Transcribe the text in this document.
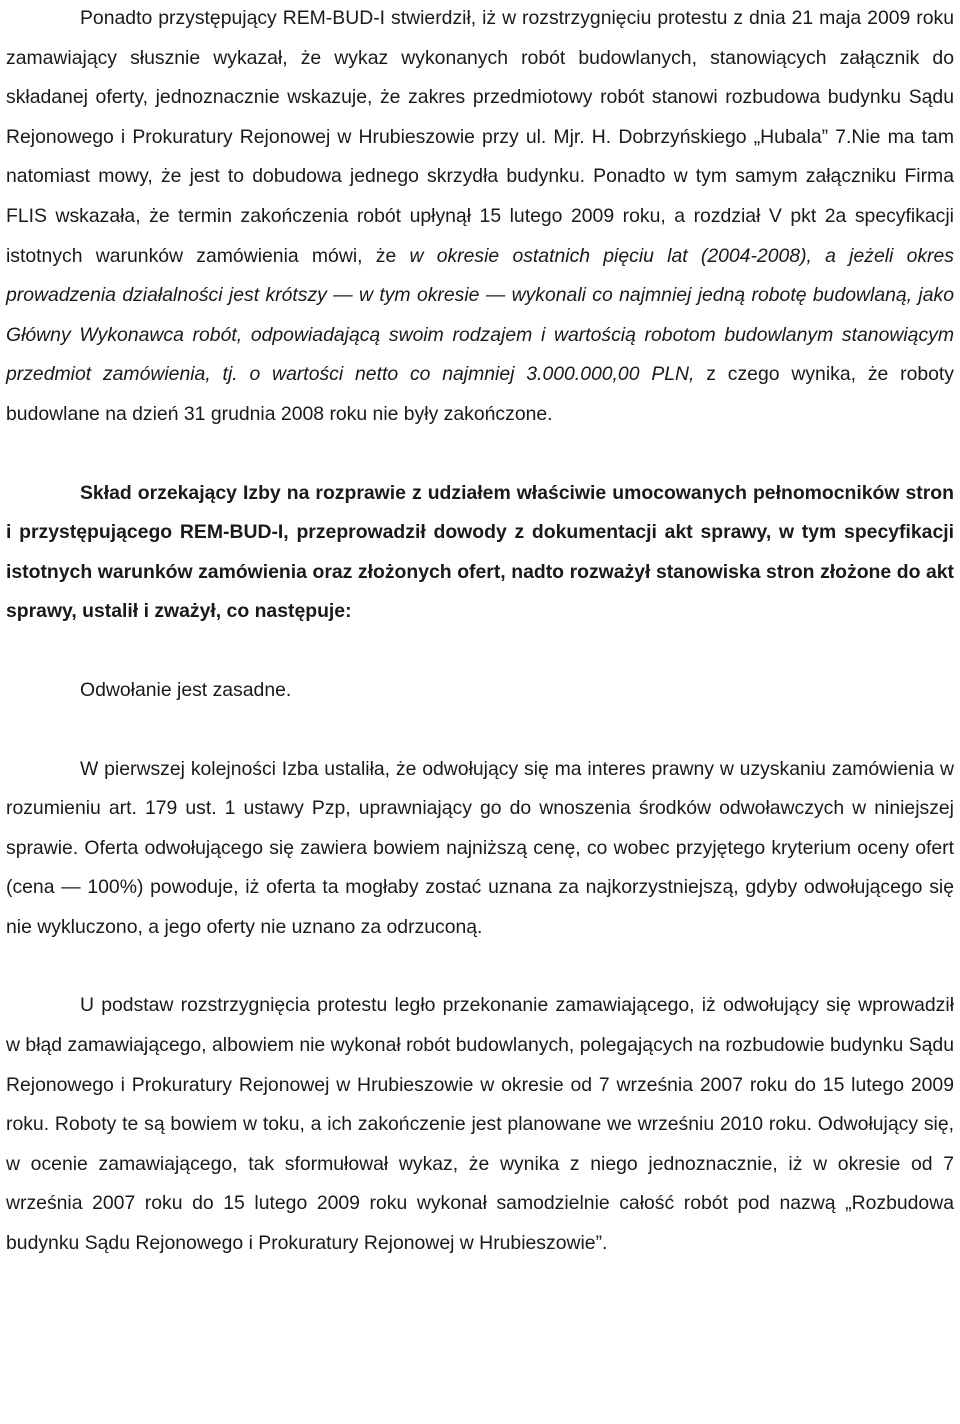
Ponadto przystępujący REM-BUD-I stwierdził, iż w rozstrzygnięciu protestu z dnia 21 maja 2009 roku zamawiający słusznie wykazał, że wykaz wykonanych robót budowlanych, stanowiących załącznik do składanej oferty, jednoznacznie wskazuje, że zakres przedmiotowy robót stanowi rozbudowa budynku Sądu Rejonowego i Prokuratury Rejonowej w Hrubieszowie przy ul. Mjr. H. Dobrzyńskiego „Hubala” 7.Nie ma tam natomiast mowy, że jest to dobudowa jednego skrzydła budynku. Ponadto w tym samym załączniku Firma FLIS wskazała, że termin zakończenia robót upłynął 15 lutego 2009 roku, a rozdział V pkt 2a specyfikacji istotnych warunków zamówienia mówi, że w okresie ostatnich pięciu lat (2004-2008), a jeżeli okres prowadzenia działalności jest krótszy — w tym okresie — wykonali co najmniej jedną robotę budowlaną, jako Główny Wykonawca robót, odpowiadającą swoim rodzajem i wartością robotom budowlanym stanowiącym przedmiot zamówienia, tj. o wartości netto co najmniej 3.000.000,00 PLN, z czego wynika, że roboty budowlane na dzień 31 grudnia 2008 roku nie były zakończone.

Skład orzekający Izby na rozprawie z udziałem właściwie umocowanych pełnomocników stron i przystępującego REM-BUD-I, przeprowadził dowody z dokumentacji akt sprawy, w tym specyfikacji istotnych warunków zamówienia oraz złożonych ofert, nadto rozważył stanowiska stron złożone do akt sprawy, ustalił i zważył, co następuje:

Odwołanie jest zasadne.

W pierwszej kolejności Izba ustaliła, że odwołujący się ma interes prawny w uzyskaniu zamówienia w rozumieniu art. 179 ust. 1 ustawy Pzp, uprawniający go do wnoszenia środków odwoławczych w niniejszej sprawie. Oferta odwołującego się zawiera bowiem najniższą cenę, co wobec przyjętego kryterium oceny ofert (cena — 100%) powoduje, iż oferta ta mogłaby zostać uznana za najkorzystniejszą, gdyby odwołującego się nie wykluczono, a jego oferty nie uznano za odrzuconą.

U podstaw rozstrzygnięcia protestu legło przekonanie zamawiającego, iż odwołujący się wprowadził w błąd zamawiającego, albowiem nie wykonał robót budowlanych, polegających na rozbudowie budynku Sądu Rejonowego i Prokuratury Rejonowej w Hrubieszowie w okresie od 7 września 2007 roku do 15 lutego 2009 roku. Roboty te są bowiem w toku, a ich zakończenie jest planowane we wrześniu 2010 roku. Odwołujący się, w ocenie zamawiającego, tak sformułował wykaz, że wynika z niego jednoznacznie, iż w okresie od 7 września 2007 roku do 15 lutego 2009 roku wykonał samodzielnie całość robót pod nazwą „Rozbudowa budynku Sądu Rejonowego i Prokuratury Rejonowej w Hrubieszowie”.
